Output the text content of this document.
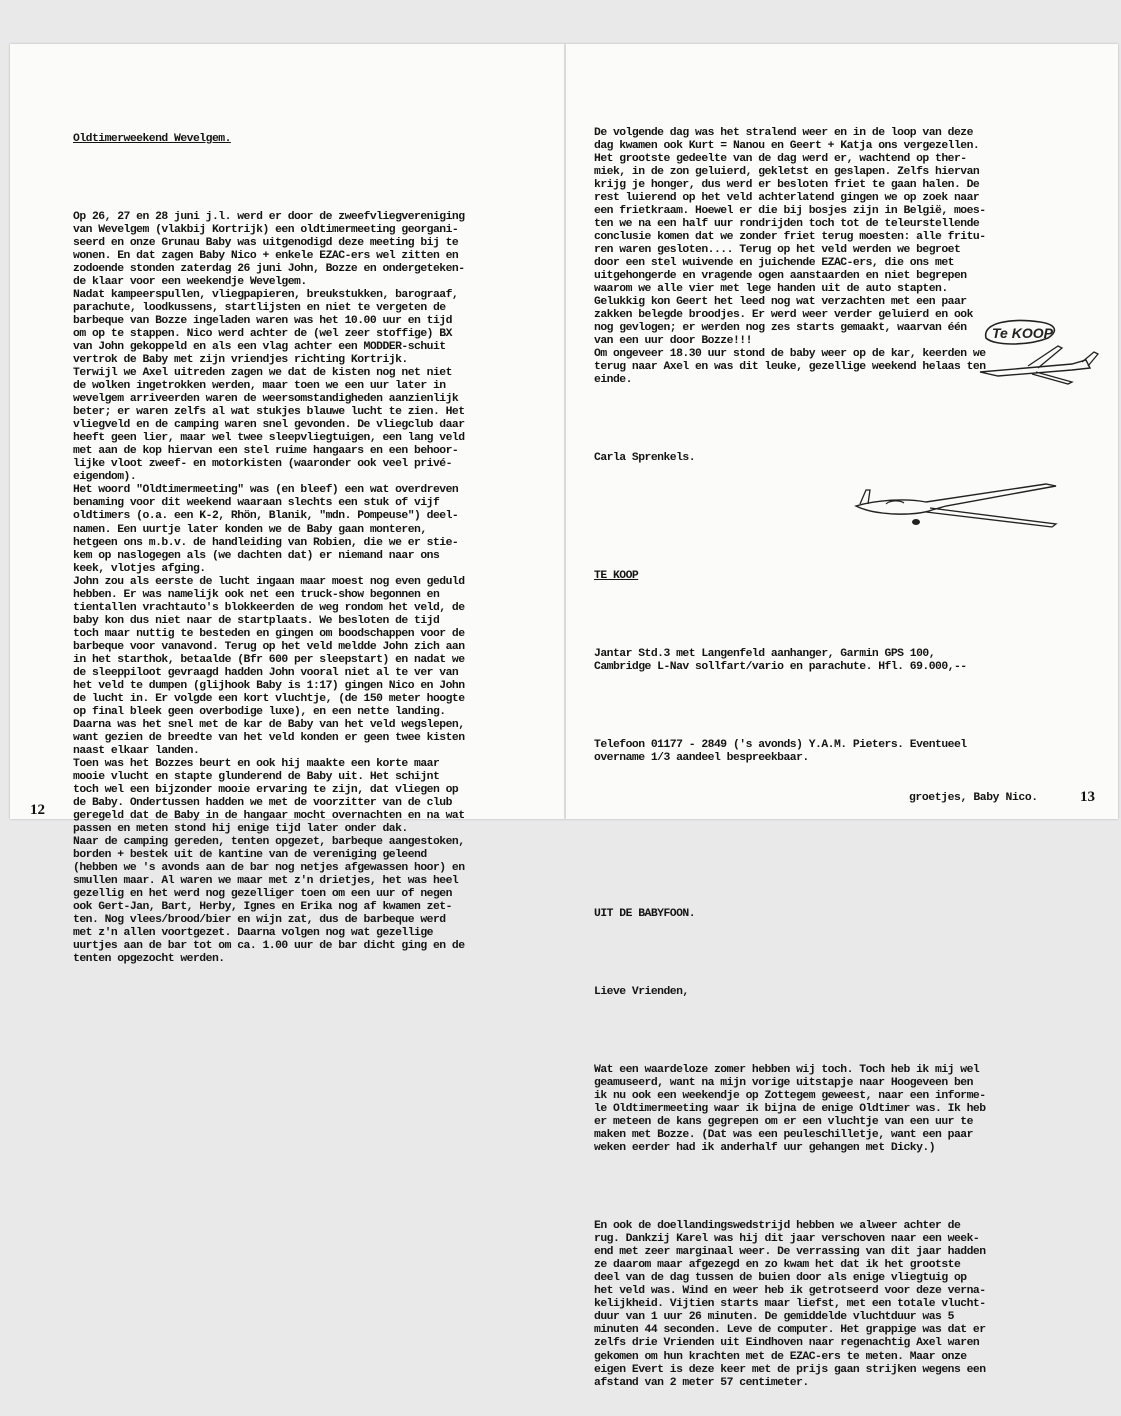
Oldtimerweekend Wevelgem.

Op 26, 27 en 28 juni j.l. werd er door de zweefvliegvereniging
van Wevelgem (vlakbij Kortrijk) een oldtimermeeting georgani-
seerd en onze Grunau Baby was uitgenodigd deze meeting bij te
wonen. En dat zagen Baby Nico + enkele EZAC-ers wel zitten en
zodoende stonden zaterdag 26 juni John, Bozze en ondergeteken-
de klaar voor een weekendje Wevelgem.
Nadat kampeerspullen, vliegpapieren, breukstukken, barograaf,
parachute, loodkussens, startlijsten en niet te vergeten de
barbeque van Bozze ingeladen waren was het 10.00 uur en tijd
om op te stappen. Nico werd achter de (wel zeer stoffige) BX
van John gekoppeld en als een vlag achter een MODDER-schuit
vertrok de Baby met zijn vriendjes richting Kortrijk.
Terwijl we Axel uitreden zagen we dat de kisten nog net niet
de wolken ingetrokken werden, maar toen we een uur later in
wevelgem arriveerden waren de weersomstandigheden aanzienlijk
beter; er waren zelfs al wat stukjes blauwe lucht te zien. Het
vliegveld en de camping waren snel gevonden. De vliegclub daar
heeft geen lier, maar wel twee sleepvliegtuigen, een lang veld
met aan de kop hiervan een stel ruime hangaars en een behoor-
lijke vloot zweef- en motorkisten (waaronder ook veel privé-
eigendom).
Het woord "Oldtimermeeting" was (en bleef) een wat overdreven
benaming voor dit weekend waaraan slechts een stuk of vijf
oldtimers (o.a. een K-2, Rhön, Blanik, "mdn. Pompeuse") deel-
namen. Een uurtje later konden we de Baby gaan monteren,
hetgeen ons m.b.v. de handleiding van Robien, die we er stie-
kem op naslogegen als (we dachten dat) er niemand naar ons
keek, vlotjes afging.
John zou als eerste de lucht ingaan maar moest nog even geduld
hebben. Er was namelijk ook net een truck-show begonnen en
tientallen vrachtauto's blokkeerden de weg rondom het veld, de
baby kon dus niet naar de startplaats. We besloten de tijd
toch maar nuttig te besteden en gingen om boodschappen voor de
barbeque voor vanavond. Terug op het veld meldde John zich aan
in het starthok, betaalde (Bfr 600 per sleepstart) en nadat we
de sleeppiloot gevraagd hadden John vooral niet al te ver van
het veld te dumpen (glijhook Baby is 1:17) gingen Nico en John
de lucht in. Er volgde een kort vluchtje, (de 150 meter hoogte
op final bleek geen overbodige luxe), en een nette landing.
Daarna was het snel met de kar de Baby van het veld wegslepen,
want gezien de breedte van het veld konden er geen twee kisten
naast elkaar landen.
Toen was het Bozzes beurt en ook hij maakte een korte maar
mooie vlucht en stapte glunderend de Baby uit. Het schijnt
toch wel een bijzonder mooie ervaring te zijn, dat vliegen op
de Baby. Ondertussen hadden we met de voorzitter van de club
geregeld dat de Baby in de hangaar mocht overnachten en na wat
passen en meten stond hij enige tijd later onder dak.
Naar de camping gereden, tenten opgezet, barbeque aangestoken,
borden + bestek uit de kantine van de vereniging geleend
(hebben we 's avonds aan de bar nog netjes afgewassen hoor) en
smullen maar. Al waren we maar met z'n drietjes, het was heel
gezellig en het werd nog gezelliger toen om een uur of negen
ook Gert-Jan, Bart, Herby, Ignes en Erika nog af kwamen zet-
ten. Nog vlees/brood/bier en wijn zat, dus de barbeque werd
met z'n allen voortgezet. Daarna volgen nog wat gezellige
uurtjes aan de bar tot om ca. 1.00 uur de bar dicht ging en de
tenten opgezocht werden.

12

De volgende dag was het stralend weer en in de loop van deze
dag kwamen ook Kurt = Nanou en Geert + Katja ons vergezellen.
Het grootste gedeelte van de dag werd er, wachtend op ther-
miek, in de zon geluierd, gekletst en geslapen. Zelfs hiervan
krijg je honger, dus werd er besloten friet te gaan halen. De
rest luierend op het veld achterlatend gingen we op zoek naar
een frietkraam. Hoewel er die bij bosjes zijn in België, moes-
ten we na een half uur rondrijden toch tot de teleurstellende
conclusie komen dat we zonder friet terug moesten: alle fritu-
ren waren gesloten.... Terug op het veld werden we begroet
door een stel wuivende en juichende EZAC-ers, die ons met
uitgehongerde en vragende ogen aanstaarden en niet begrepen
waarom we alle vier met lege handen uit de auto stapten.
Gelukkig kon Geert het leed nog wat verzachten met een paar
zakken belegde broodjes. Er werd weer verder geluierd en ook
nog gevlogen; er werden nog zes starts gemaakt, waarvan één
van een uur door Bozze!!!
Om ongeveer 18.30 uur stond de baby weer op de kar, keerden we
terug naar Axel en was dit leuke, gezellige weekend helaas ten
einde.

Carla Sprenkels.

TE KOOP

Jantar Std.3 met Langenfeld aanhanger, Garmin GPS 100,
Cambridge L-Nav sollfart/vario en parachute. Hfl. 69.000,--

Telefoon 01177 - 2849 ('s avonds) Y.A.M. Pieters. Eventueel
overname 1/3 aandeel bespreekbaar.

UIT DE BABYFOON.

Lieve Vrienden,

Wat een waardeloze zomer hebben wij toch. Toch heb ik mij wel
geamuseerd, want na mijn vorige uitstapje naar Hoogeveen ben
ik nu ook een weekendje op Zottegem geweest, naar een informe-
le Oldtimermeeting waar ik bijna de enige Oldtimer was. Ik heb
er meteen de kans gegrepen om er een vluchtje van een uur te
maken met Bozze. (Dat was een peuleschilletje, want een paar
weken eerder had ik anderhalf uur gehangen met Dicky.)

En ook de doellandingswedstrijd hebben we alweer achter de
rug. Dankzij Karel was hij dit jaar verschoven naar een week-
end met zeer marginaal weer. De verrassing van dit jaar hadden
ze daarom maar afgezegd en zo kwam het dat ik het grootste
deel van de dag tussen de buien door als enige vliegtuig op
het veld was. Wind en weer heb ik getrotseerd voor deze verna-
kelijkheid. Vijtien starts maar liefst, met een totale vlucht-
duur van 1 uur 26 minuten. De gemiddelde vluchtduur was 5
minuten 44 seconden. Leve de computer. Het grappige was dat er
zelfs drie Vrienden uit Eindhoven naar regenachtig Axel waren
gekomen om hun krachten met de EZAC-ers te meten. Maar onze
eigen Evert is deze keer met de prijs gaan strijken wegens een
afstand van 2 meter 57 centimeter.

Te KOOP
groetjes, Baby Nico.	13
